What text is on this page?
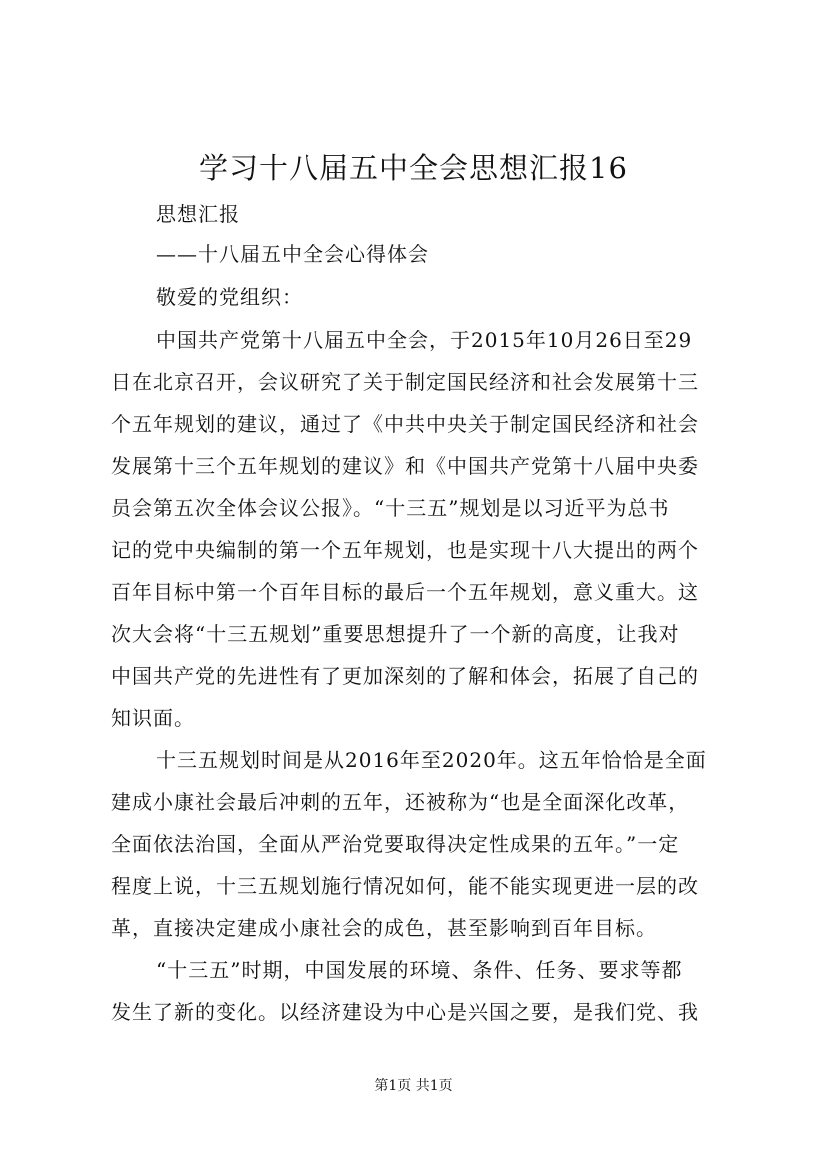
学习十八届五中全会思想汇报16
思想汇报
——十八届五中全会心得体会
敬爱的党组织：
中国共产党第十八届五中全会，于2015年10月26日至29
日在北京召开，会议研究了关于制定国民经济和社会发展第十三
个五年规划的建议，通过了《中共中央关于制定国民经济和社会
发展第十三个五年规划的建议》和《中国共产党第十八届中央委
员会第五次全体会议公报》。“十三五”规划是以习近平为总书
记的党中央编制的第一个五年规划，也是实现十八大提出的两个
百年目标中第一个百年目标的最后一个五年规划，意义重大。这
次大会将“十三五规划”重要思想提升了一个新的高度，让我对
中国共产党的先进性有了更加深刻的了解和体会，拓展了自己的
知识面。
十三五规划时间是从2016年至2020年。这五年恰恰是全面
建成小康社会最后冲刺的五年，还被称为“也是全面深化改革，
全面依法治国，全面从严治党要取得决定性成果的五年。”一定
程度上说，十三五规划施行情况如何，能不能实现更进一层的改
革，直接决定建成小康社会的成色，甚至影响到百年目标。
“十三五”时期，中国发展的环境、条件、任务、要求等都
发生了新的变化。以经济建设为中心是兴国之要，是我们党、我
第1页 共1页
